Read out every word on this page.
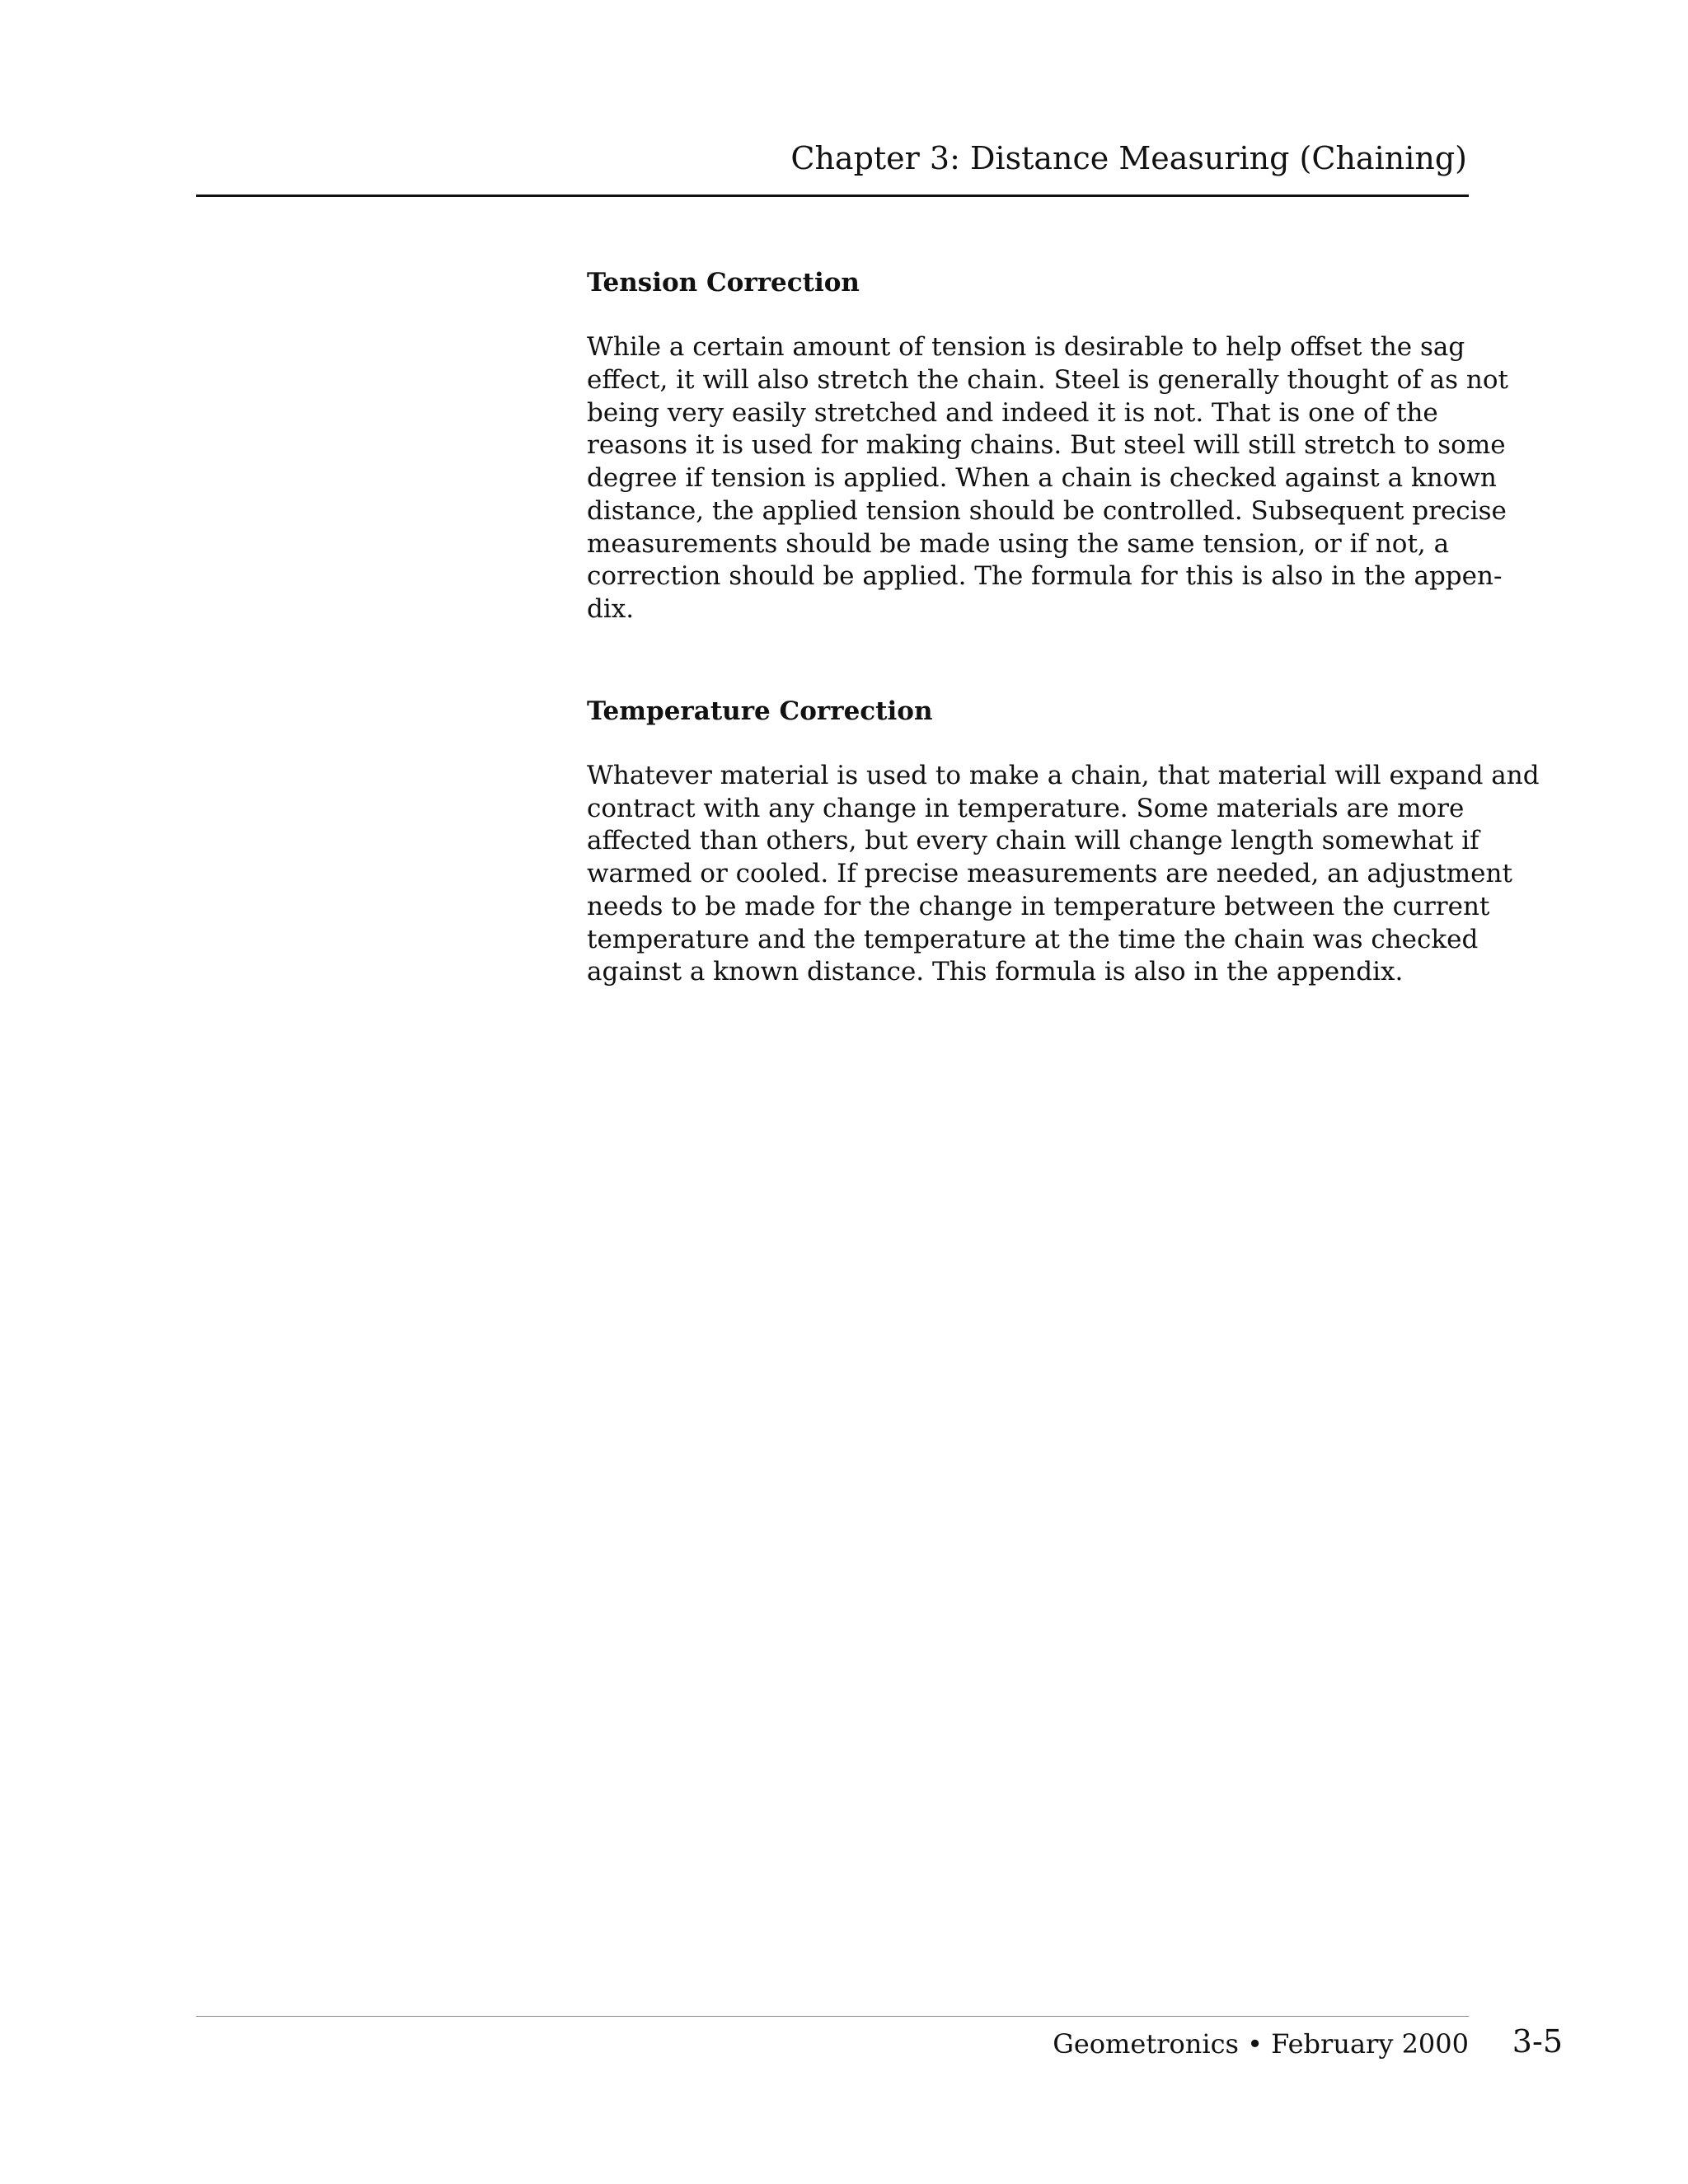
Chapter 3: Distance Measuring (Chaining)
Tension Correction
While a certain amount of tension is desirable to help offset the sag
effect, it will also stretch the chain. Steel is generally thought of as not
being very easily stretched and indeed it is not. That is one of the
reasons it is used for making chains. But steel will still stretch to some
degree if tension is applied. When a chain is checked against a known
distance, the applied tension should be controlled. Subsequent precise
measurements should be made using the same tension, or if not, a
correction should be applied. The formula for this is also in the appen-
dix.
Temperature Correction
Whatever material is used to make a chain, that material will expand and
contract with any change in temperature. Some materials are more
affected than others, but every chain will change length somewhat if
warmed or cooled. If precise measurements are needed, an adjustment
needs to be made for the change in temperature between the current
temperature and the temperature at the time the chain was checked
against a known distance. This formula is also in the appendix.
Geometronics • February 2000	3-5
